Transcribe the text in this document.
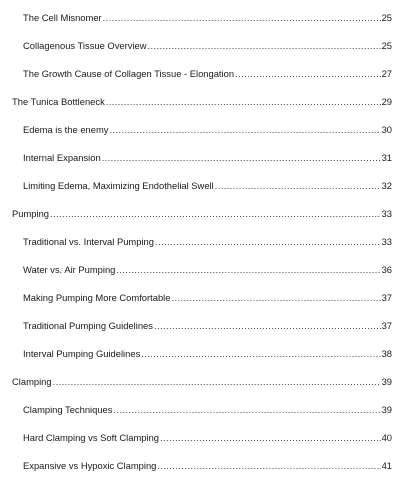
The Cell Misnomer .....	25
Collagenous Tissue Overview .....	25
The Growth Cause of Collagen Tissue - Elongation .....	27
The Tunica Bottleneck .....	29
Edema is the enemy .....	30
Internal Expansion .....	31
Limiting Edema, Maximizing Endothelial Swell .....	32
Pumping .....	33
Traditional vs. Interval Pumping .....	33
Water vs. Air Pumping .....	36
Making Pumping More Comfortable .....	37
Traditional Pumping Guidelines .....	37
Interval Pumping Guidelines .....	38
Clamping .....	39
Clamping Techniques .....	39
Hard Clamping vs Soft Clamping .....	40
Expansive vs Hypoxic Clamping .....	41
